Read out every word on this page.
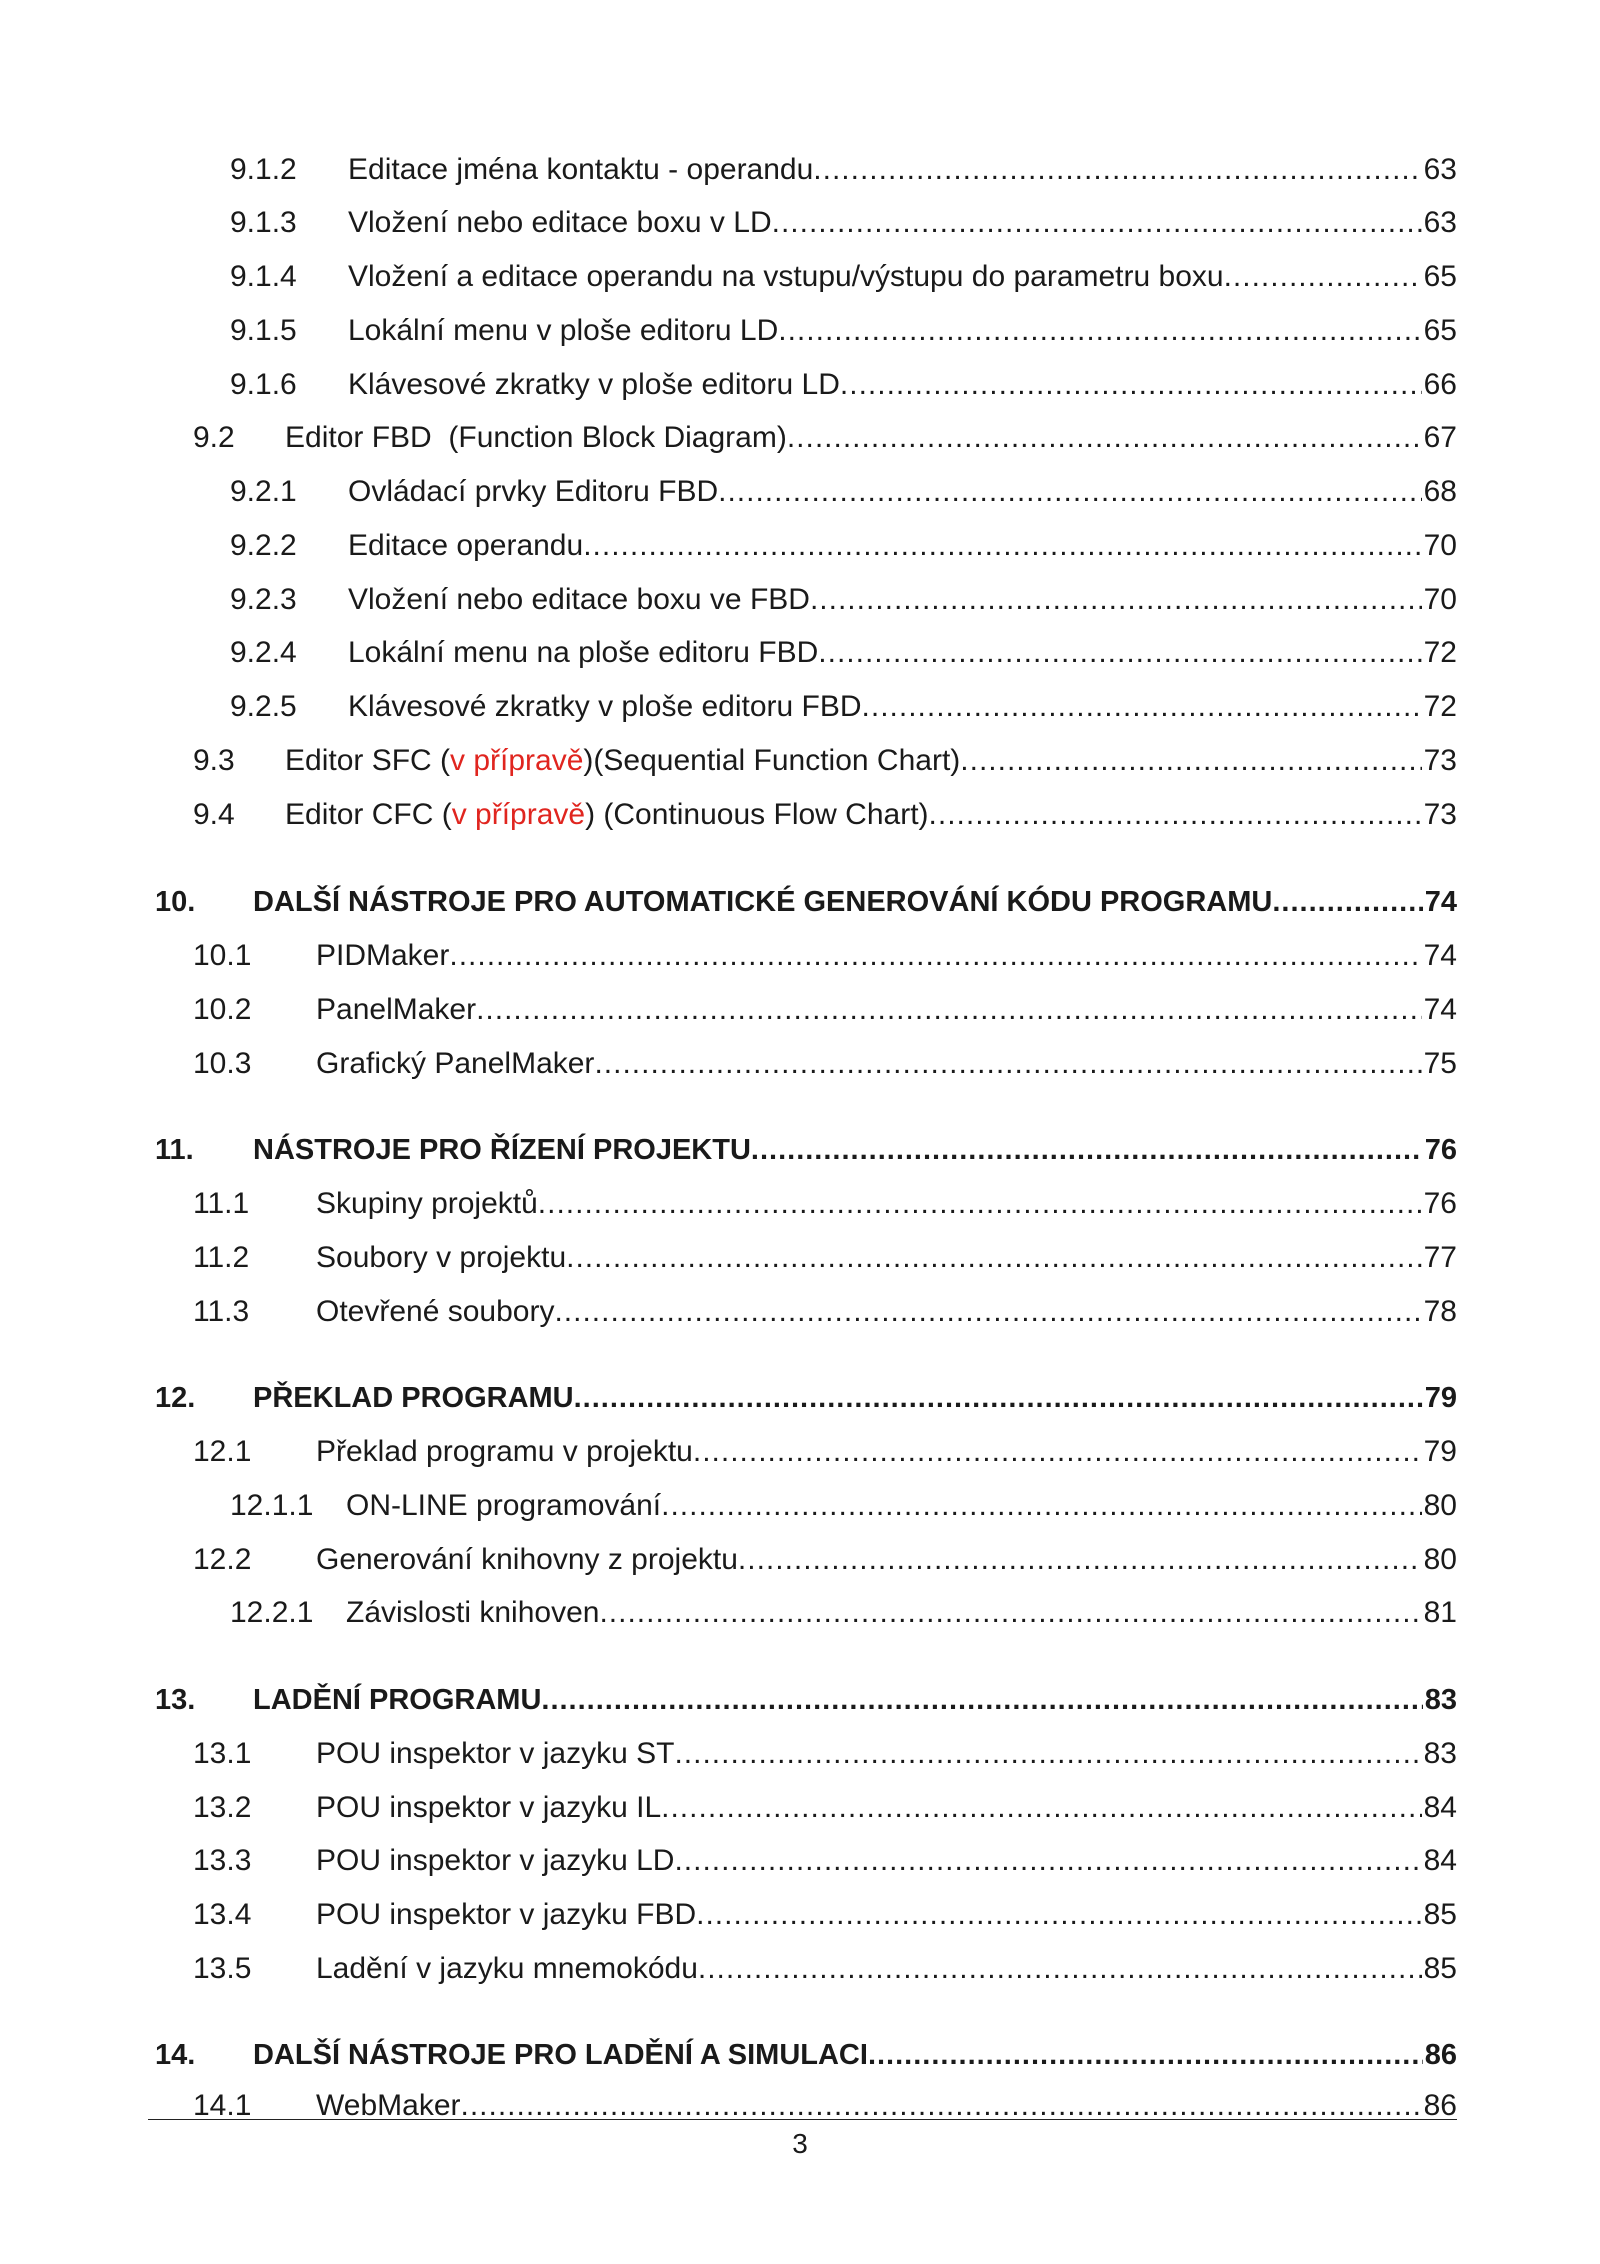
9.1.2	Editace jména kontaktu - operandu .....	63
9.1.3	Vložení nebo editace boxu v LD .....	63
9.1.4	Vložení a editace operandu na vstupu/výstupu do parametru boxu .....	65
9.1.5	Lokální menu v ploše editoru LD .....	65
9.1.6	Klávesové zkratky v ploše editoru LD .....	66
9.2	Editor FBD  (Function Block Diagram) .....	67
9.2.1	Ovládací prvky Editoru FBD .....	68
9.2.2	Editace operandu .....	70
9.2.3	Vložení nebo editace boxu ve FBD .....	70
9.2.4	Lokální menu na ploše editoru FBD .....	72
9.2.5	Klávesové zkratky v ploše editoru FBD .....	72
9.3	Editor SFC (v přípravě)(Sequential Function Chart) .....	73
9.4	Editor CFC (v přípravě) (Continuous Flow Chart) .....	73
10.	DALŠÍ NÁSTROJE PRO AUTOMATICKÉ GENEROVÁNÍ KÓDU PROGRAMU .....	74
10.1	PIDMaker .....	74
10.2	PanelMaker .....	74
10.3	Grafický PanelMaker .....	75
11.	NÁSTROJE PRO ŘÍZENÍ PROJEKTU .....	76
11.1	Skupiny projektů .....	76
11.2	Soubory v projektu .....	77
11.3	Otevřené soubory .....	78
12.	PŘEKLAD PROGRAMU .....	79
12.1	Překlad programu v projektu .....	79
12.1.1	ON-LINE programování .....	80
12.2	Generování knihovny z projektu .....	80
12.2.1	Závislosti knihoven .....	81
13.	LADĚNÍ PROGRAMU .....	83
13.1	POU inspektor v jazyku ST .....	83
13.2	POU inspektor v jazyku IL .....	84
13.3	POU inspektor v jazyku LD .....	84
13.4	POU inspektor v jazyku FBD .....	85
13.5	Ladění v jazyku mnemokódu .....	85
14.	DALŠÍ NÁSTROJE PRO LADĚNÍ A SIMULACI .....	86
14.1	WebMaker .....	86
3
